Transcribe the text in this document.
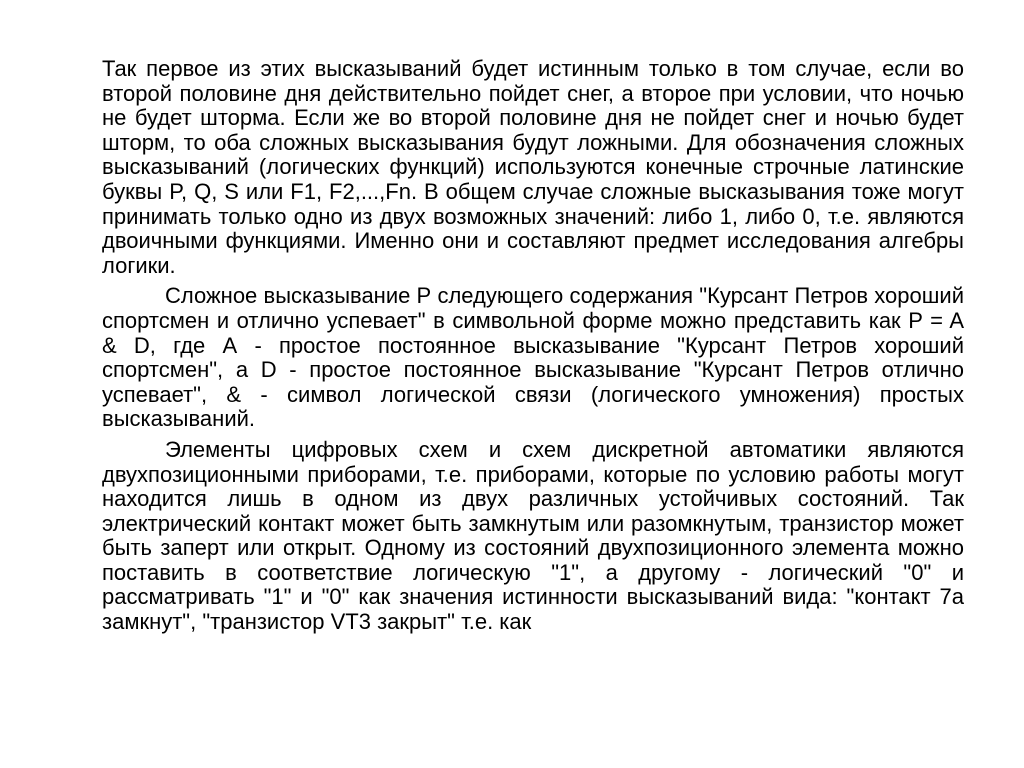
Так первое из этих высказываний будет истинным только в том случае, если во второй половине дня действительно пойдет снег, а второе при условии, что ночью не будет шторма. Если же во второй половине дня не пойдет снег и ночью будет шторм, то оба сложных высказывания будут ложными. Для обозначения сложных высказываний (логических функций) используются конечные строчные латинские буквы P, Q, S или F1, F2,...,Fn. В общем случае сложные высказывания тоже могут принимать только одно из двух возможных значений: либо 1, либо 0, т.е. являются двоичными функциями. Именно они и составляют предмет исследования алгебры логики.

Сложное высказывание Р следующего содержания "Курсант Петров хороший спортсмен и отлично успевает" в символьной форме можно представить как P = A & D, где А - простое постоянное высказывание "Курсант Петров хороший спортсмен", а D - простое постоянное высказывание "Курсант Петров отлично успевает", & - символ логической связи (логического умножения) простых высказываний.

Элементы цифровых схем и схем дискретной автоматики являются двухпозиционными приборами, т.е. приборами, которые по условию работы могут находится лишь в одном из двух различных устойчивых состояний. Так электрический контакт может быть замкнутым или разомкнутым, транзистор может быть заперт или открыт. Одному из состояний двухпозиционного элемента можно поставить в соответствие логическую "1", а другому - логический "0" и рассматривать "1" и "0" как значения истинности высказываний вида: "контакт 7а замкнут", "транзистор VT3 закрыт" т.е. как
